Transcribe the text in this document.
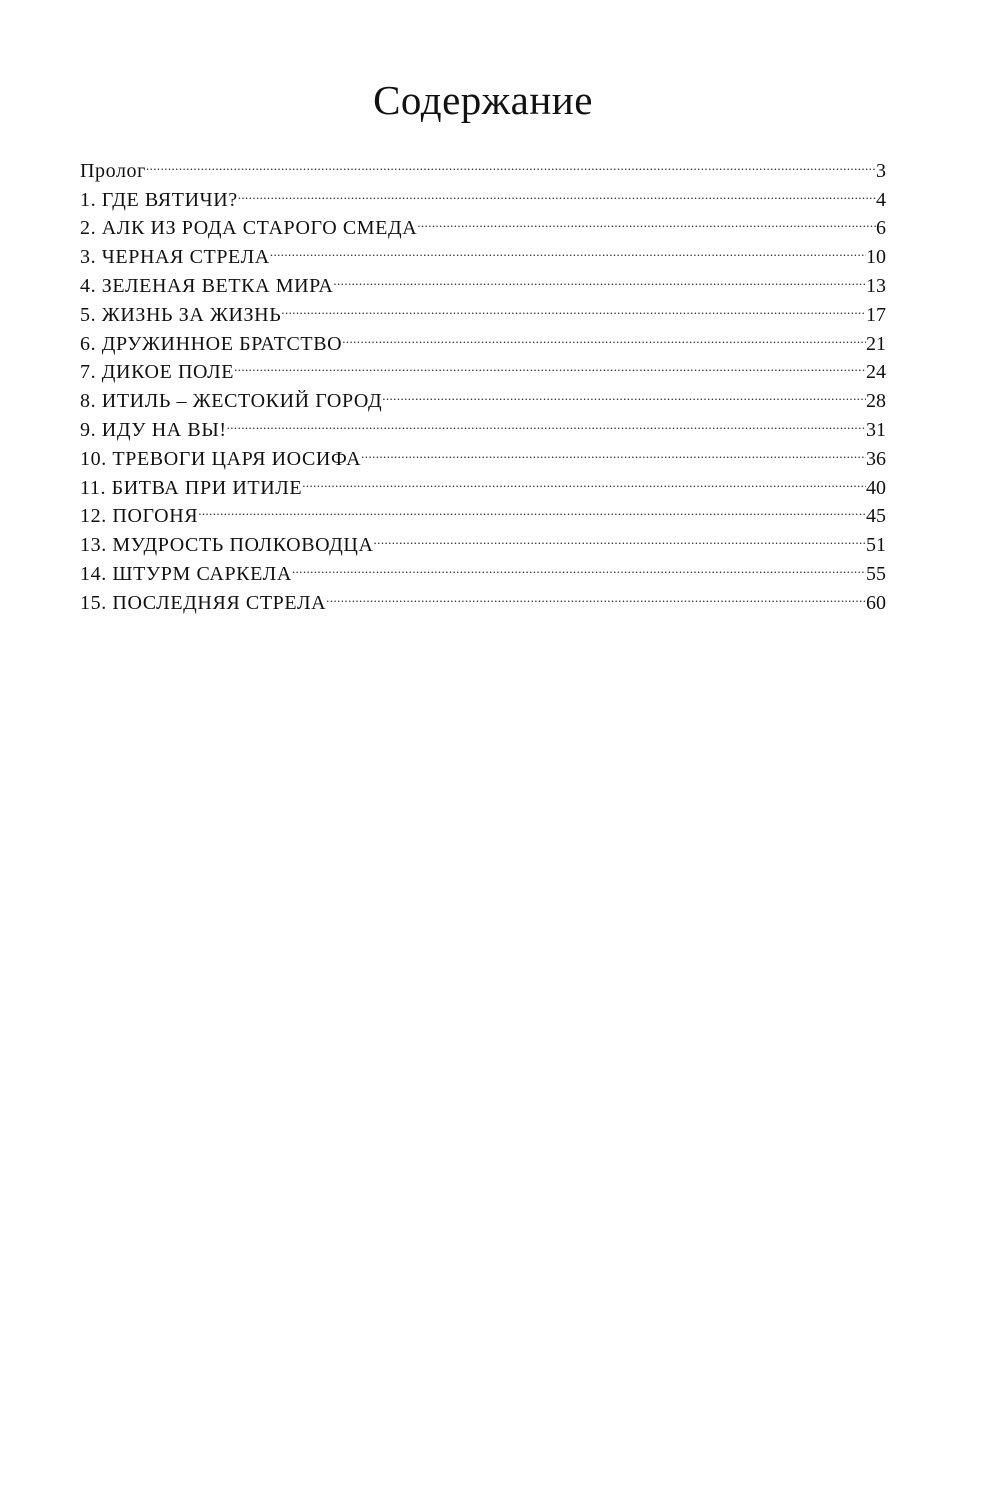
Содержание
Пролог .....	3
1. ГДЕ ВЯТИЧИ? .....	4
2. АЛК ИЗ РОДА СТАРОГО СМЕДА .....	6
3. ЧЕРНАЯ СТРЕЛА .....	10
4. ЗЕЛЕНАЯ ВЕТКА МИРА .....	13
5. ЖИЗНЬ ЗА ЖИЗНЬ .....	17
6. ДРУЖИННОЕ БРАТСТВО .....	21
7. ДИКОЕ ПОЛЕ .....	24
8. ИТИЛЬ – ЖЕСТОКИЙ ГОРОД .....	28
9. ИДУ НА ВЫ! .....	31
10. ТРЕВОГИ ЦАРЯ ИОСИФА .....	36
11. БИТВА ПРИ ИТИЛЕ .....	40
12. ПОГОНЯ .....	45
13. МУДРОСТЬ ПОЛКОВОДЦА .....	51
14. ШТУРМ САРКЕЛА .....	55
15. ПОСЛЕДНЯЯ СТРЕЛА .....	60
